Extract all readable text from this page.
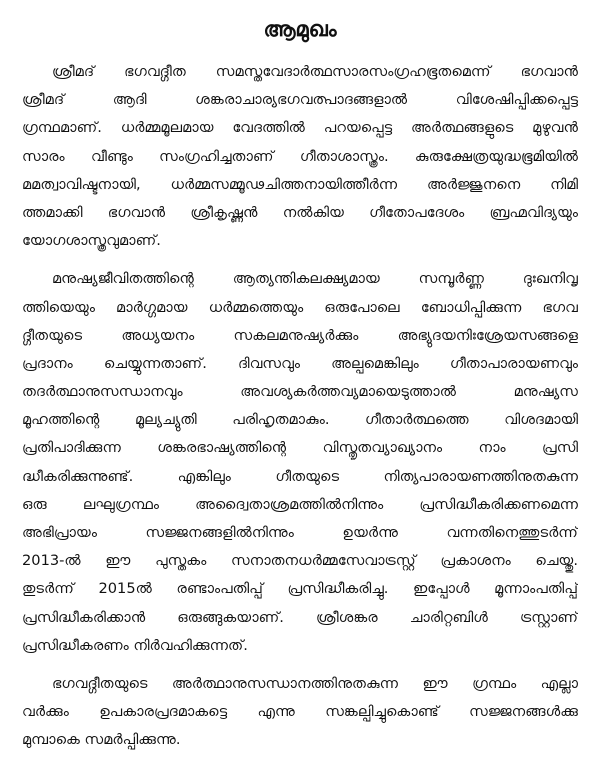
ആമുഖം
ശ്രീമദ് ഭഗവദ്ഗീത സമസ്തവേദാർത്ഥസാരസംഗ്രഹഭൂതമെന്ന് ഭഗവാൻ
ശ്രീമദ് ആദി ശങ്കരാചാര്യഭഗവത്പാദങ്ങളാൽ വിശേഷിപ്പിക്കപ്പെട്ട
ഗ്രന്ഥമാണ്. ധർമ്മമൂലമായ വേദത്തിൽ പറയപ്പെട്ട അർത്ഥങ്ങളുടെ മുഴുവൻ
സാരം വീണ്ടും സംഗ്രഹിച്ചതാണ് ഗീതാശാസ്ത്രം. കുരുക്ഷേത്രയുദ്ധഭൂമിയിൽ
മമത്വാവിഷ്ടനായി, ധർമ്മസമ്മൂഢചിത്തനായിത്തീർന്ന അർജ്ജുനനെ നിമി
ത്തമാക്കി ഭഗവാൻ ശ്രീകൃഷ്ണൻ നൽകിയ ഗീതോപദേശം ബ്രഹ്മവിദ്യയും
യോഗശാസ്ത്രവുമാണ്.
മനുഷ്യജീവിതത്തിന്റെ ആത്യന്തികലക്ഷ്യമായ സമ്പൂർണ്ണ ദുഃഖനിവൃ
ത്തിയെയും മാർഗ്ഗമായ ധർമ്മത്തെയും ഒരുപോലെ ബോധിപ്പിക്കുന്ന ഭഗവ
ദ്ഗീതയുടെ അധ്യയനം സകലമനുഷ്യർക്കും അഭ്യുദയനിഃശ്രേയസങ്ങളെ
പ്രദാനം ചെയ്യുന്നതാണ്. ദിവസവും അല്പമെങ്കിലും ഗീതാപാരായണവും
തദർത്ഥാനുസന്ധാനവും അവശ്യകർത്തവ്യമായെടുത്താൽ മനുഷ്യസ
മൂഹത്തിന്റെ മൂല്യച്യുതി പരിഹൃതമാകും. ഗീതാർത്ഥത്തെ വിശദമായി
പ്രതിപാദിക്കുന്ന ശങ്കരഭാഷ്യത്തിന്റെ വിസ്തൃതവ്യാഖ്യാനം നാം പ്രസി
ദ്ധീകരിക്കുന്നുണ്ട്. എങ്കിലും ഗീതയുടെ നിത്യപാരായണത്തിനുതകുന്ന
ഒരു ലഘുഗ്രന്ഥം അദ്വൈതാശ്രമത്തിൽനിന്നും പ്രസിദ്ധീകരിക്കണമെന്ന
അഭിപ്രായം സജ്ജനങ്ങളിൽനിന്നും ഉയർന്നു വന്നതിനെത്തുടർന്ന്
2013-ൽ ഈ പുസ്തകം സനാതനധർമ്മസേവാട്രസ്റ്റ് പ്രകാശനം ചെയ്തു.
തുടർന്ന് 2015ൽ രണ്ടാംപതിപ്പ് പ്രസിദ്ധീകരിച്ചു. ഇപ്പോൾ മൂന്നാംപതിപ്പ്
പ്രസിദ്ധീകരിക്കാൻ ഒരുങ്ങുകയാണ്. ശ്രീശങ്കര ചാരിറ്റബിൾ ട്രസ്റ്റാണ്
പ്രസിദ്ധീകരണം നിർവഹിക്കുന്നത്.
ഭഗവദ്ഗീതയുടെ അർത്ഥാനുസന്ധാനത്തിനുതകുന്ന ഈ ഗ്രന്ഥം എല്ലാ
വർക്കും ഉപകാരപ്രദമാകട്ടെ എന്നു സങ്കല്പിച്ചുകൊണ്ട് സജ്ജനങ്ങൾക്കു
മുമ്പാകെ സമർപ്പിക്കുന്നു.
